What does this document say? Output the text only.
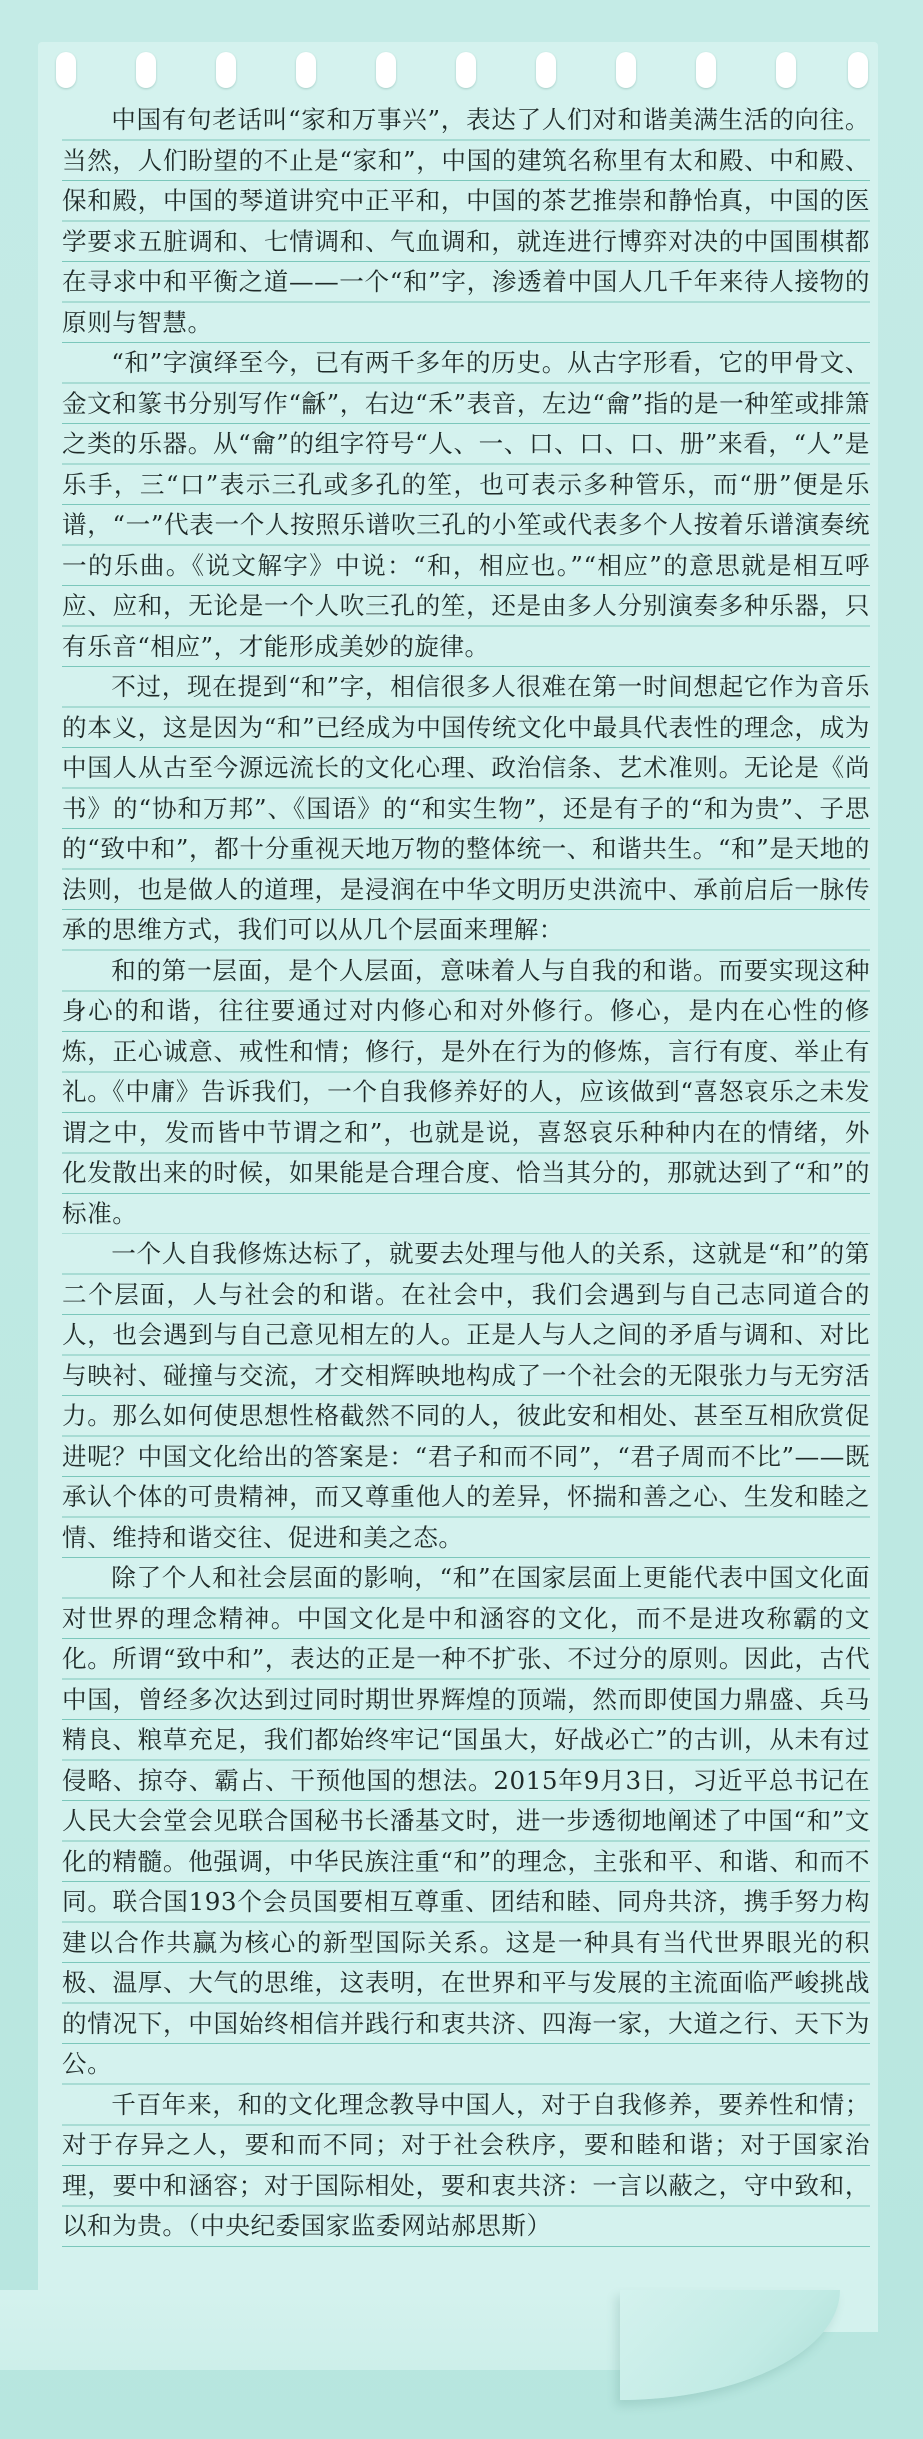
中国有句老话叫“家和万事兴”，表达了人们对和谐美满生活的向往。当然，人们盼望的不止是“家和”，中国的建筑名称里有太和殿、中和殿、保和殿，中国的琴道讲究中正平和，中国的茶艺推崇和静怡真，中国的医学要求五脏调和、七情调和、气血调和，就连进行博弈对决的中国围棋都在寻求中和平衡之道——一个“和”字，渗透着中国人几千年来待人接物的原则与智慧。

“和”字演绎至今，已有两千多年的历史。从古字形看，它的甲骨文、金文和篆书分别写作“龢”，右边“禾”表音，左边“龠”指的是一种笙或排箫之类的乐器。从“龠”的组字符号“人、一、口、口、口、册”来看，“人”是乐手，三“口”表示三孔或多孔的笙，也可表示多种管乐，而“册”便是乐谱，“一”代表一个人按照乐谱吹三孔的小笙或代表多个人按着乐谱演奏统一的乐曲。《说文解字》中说：“和，相应也。”“相应”的意思就是相互呼应、应和，无论是一个人吹三孔的笙，还是由多人分别演奏多种乐器，只有乐音“相应”，才能形成美妙的旋律。

不过，现在提到“和”字，相信很多人很难在第一时间想起它作为音乐的本义，这是因为“和”已经成为中国传统文化中最具代表性的理念，成为中国人从古至今源远流长的文化心理、政治信条、艺术准则。无论是《尚书》的“协和万邦”、《国语》的“和实生物”，还是有子的“和为贵”、子思的“致中和”，都十分重视天地万物的整体统一、和谐共生。“和”是天地的法则，也是做人的道理，是浸润在中华文明历史洪流中、承前启后一脉传承的思维方式，我们可以从几个层面来理解：

和的第一层面，是个人层面，意味着人与自我的和谐。而要实现这种身心的和谐，往往要通过对内修心和对外修行。修心，是内在心性的修炼，正心诚意、戒性和情；修行，是外在行为的修炼，言行有度、举止有礼。《中庸》告诉我们，一个自我修养好的人，应该做到“喜怒哀乐之未发谓之中，发而皆中节谓之和”，也就是说，喜怒哀乐种种内在的情绪，外化发散出来的时候，如果能是合理合度、恰当其分的，那就达到了“和”的标准。

一个人自我修炼达标了，就要去处理与他人的关系，这就是“和”的第二个层面，人与社会的和谐。在社会中，我们会遇到与自己志同道合的人，也会遇到与自己意见相左的人。正是人与人之间的矛盾与调和、对比与映衬、碰撞与交流，才交相辉映地构成了一个社会的无限张力与无穷活力。那么如何使思想性格截然不同的人，彼此安和相处、甚至互相欣赏促进呢？中国文化给出的答案是：“君子和而不同”，“君子周而不比”——既承认个体的可贵精神，而又尊重他人的差异，怀揣和善之心、生发和睦之情、维持和谐交往、促进和美之态。

除了个人和社会层面的影响，“和”在国家层面上更能代表中国文化面对世界的理念精神。中国文化是中和涵容的文化，而不是进攻称霸的文化。所谓“致中和”，表达的正是一种不扩张、不过分的原则。因此，古代中国，曾经多次达到过同时期世界辉煌的顶端，然而即使国力鼎盛、兵马精良、粮草充足，我们都始终牢记“国虽大，好战必亡”的古训，从未有过侵略、掠夺、霸占、干预他国的想法。2015年9月3日，习近平总书记在人民大会堂会见联合国秘书长潘基文时，进一步透彻地阐述了中国“和”文化的精髓。他强调，中华民族注重“和”的理念，主张和平、和谐、和而不同。联合国193个会员国要相互尊重、团结和睦、同舟共济，携手努力构建以合作共赢为核心的新型国际关系。这是一种具有当代世界眼光的积极、温厚、大气的思维，这表明，在世界和平与发展的主流面临严峻挑战的情况下，中国始终相信并践行和衷共济、四海一家，大道之行、天下为公。

千百年来，和的文化理念教导中国人，对于自我修养，要养性和情；对于存异之人，要和而不同；对于社会秩序，要和睦和谐；对于国家治理，要中和涵容；对于国际相处，要和衷共济：一言以蔽之，守中致和，以和为贵。（中央纪委国家监委网站郝思斯）
